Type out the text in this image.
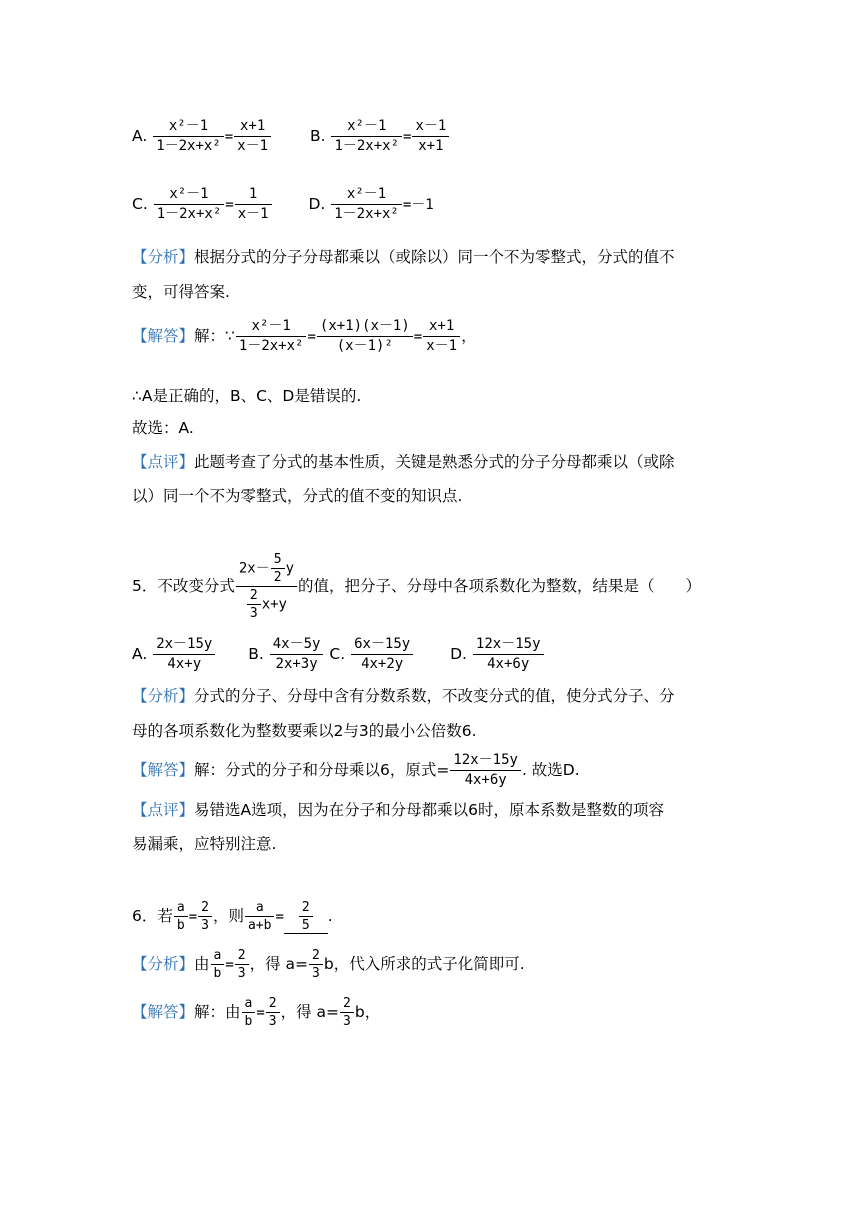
A. $\frac{\text{x²－1}}{\text{1－2x+x²}} = \frac{x+1}{x-1}$	B. $\frac{\text{x²－1}}{\text{1－2x+x²}} = \frac{x-1}{x+1}$
C. $\frac{\text{x²－1}}{\text{1－2x+x²}} = \frac{1}{x-1} D$. $\frac{\text{x²－1}}{\text{1－2x+x²}} =-1$
【分析】根据分式的分子分母都乘以（或除以）同一个不为零整式，分式的值不
变，可得答案.
【解答】解：∵ $\frac{\text{x²－1}}{\text{1－2x+x²}} = \frac{(x+1)(x-1)}{\text{(x－1)²}} = \frac{x+1}{x-1}$ ，
∴A是正确的，B、C、D是错误的.
故选：A.
【点评】此题考查了分式的基本性质，关键是熟悉分式的分子分母都乘以（或除
以）同一个不为零整式，分式的值不变的知识点.
5．不改变分式 $\frac{2x- \frac{5}{2} y}{\frac{2}{3} x+y}$ 的值，把分子、分母中各项系数化为整数，结果是（　　）
A. $\frac{2x-15y}{4x+y} B$. $\frac{4x-5y}{2x+3y} C$. $\frac{6x-15y}{4x+2y} D$. $\frac{12x-15y}{4x+6y}$
【分析】分式的分子、分母中含有分数系数，不改变分式的值，使分式分子、分
母的各项系数化为整数要乘以2与3的最小公倍数6.
【解答】解：分式的分子和分母乘以6，原式= $\frac{12x-15y}{4x+6y}$ . 故选D.
【点评】易错选A选项，因为在分子和分母都乘以6时，原本系数是整数的项容
易漏乘，应特别注意.
6．若 $\frac{a}{b} = \frac{2}{3}$ ，则 $\frac{a}{a+b} = \frac{2}{5}$ .
【分析】由 $\frac{a}{b} = \frac{2}{3}$ ，得 $a= \frac{2}{3}$ b，代入所求的式子化简即可.
【解答】解：由 $\frac{a}{b} = \frac{2}{3}$ ，得 $a= \frac{2}{3}$ b，
